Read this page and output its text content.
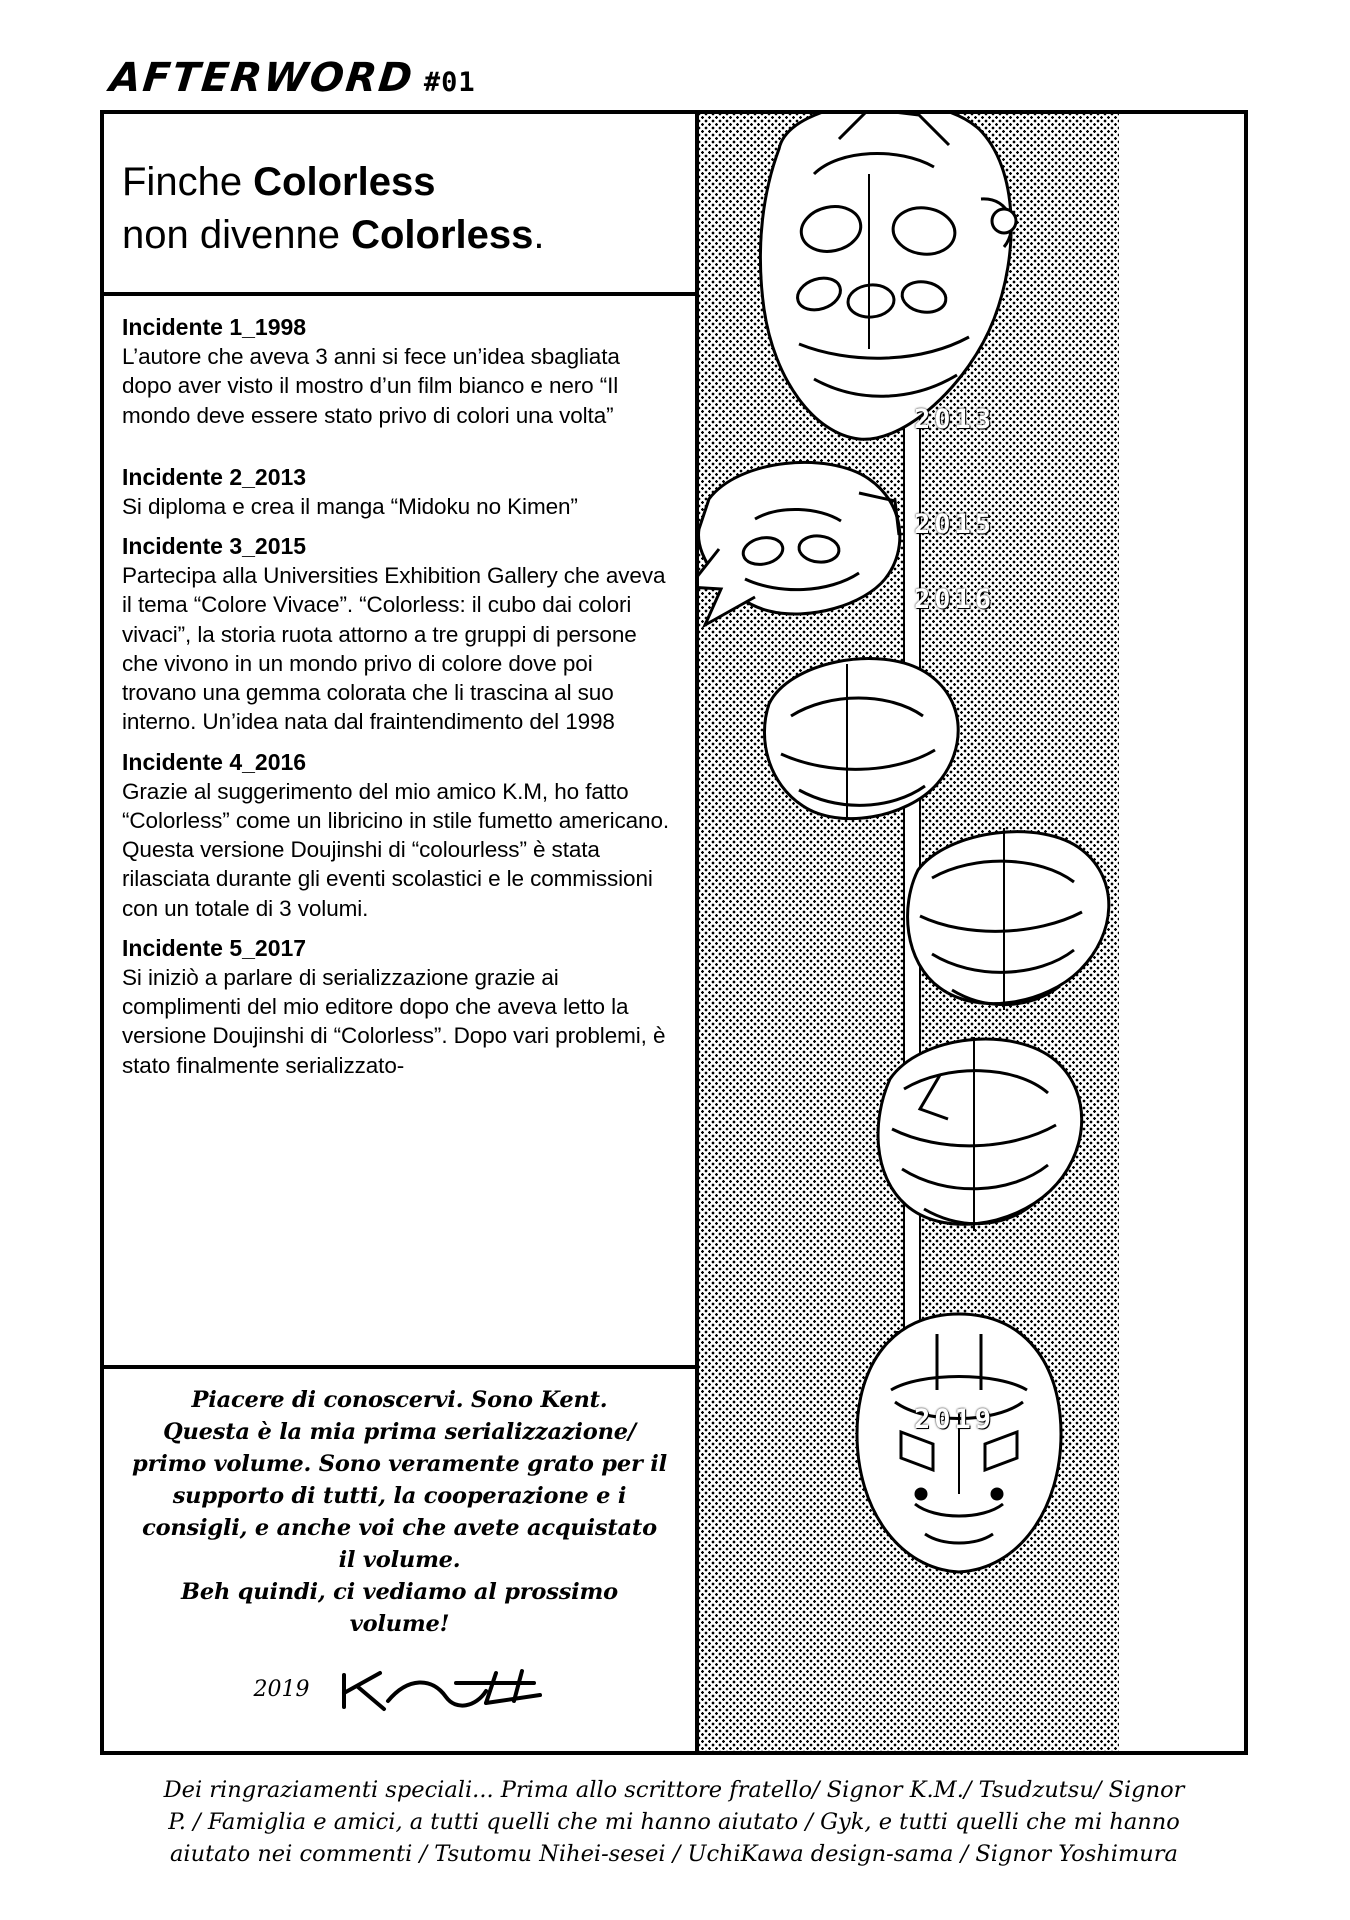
AFTERWORD #01
Finche Colorless
non divenne Colorless.
Incidente 1_1998

L’autore che aveva 3 anni si fece un’idea sbagliata dopo aver visto il mostro d’un film bianco e nero “Il mondo deve essere stato privo di colori una volta”

Incidente 2_2013

Si diploma e crea il manga “Midoku no Kimen”

Incidente 3_2015

Partecipa alla Universities Exhibition Gallery che aveva il tema “Colore Vivace”. “Colorless: il cubo dai colori vivaci”, la storia ruota attorno a tre gruppi di persone che vivono in un mondo privo di colore dove poi trovano una gemma colorata che li trascina al suo interno. Un’idea nata dal fraintendimento del 1998

Incidente 4_2016

Grazie al suggerimento del mio amico K.M, ho fatto “Colorless” come un libricino in stile fumetto americano. Questa versione Doujinshi di “colourless” è stata rilasciata durante gli eventi scolastici e le commissioni con un totale di 3 volumi.

Incidente 5_2017

Si iniziò a parlare di serializzazione grazie ai complimenti del mio editore dopo che aveva letto la versione Doujinshi di “Colorless”. Dopo vari problemi, è stato finalmente serializzato-

Piacere di conoscervi. Sono Kent.

Questa è la mia prima serializzazione/

primo volume. Sono veramente grato per il

supporto di tutti, la cooperazione e i

consigli, e anche voi che avete acquistato

il volume.

Beh quindi, ci vediamo al prossimo volume!

2019
2013
2015
2016
2019

Dei ringraziamenti speciali... Prima allo scrittore fratello/ Signor K.M./ Tsudzutsu/ Signor

P. / Famiglia e amici, a tutti quelli che mi hanno aiutato / Gyk, e tutti quelli che mi hanno

aiutato nei commenti / Tsutomu Nihei-sesei / UchiKawa design-sama / Signor Yoshimura
